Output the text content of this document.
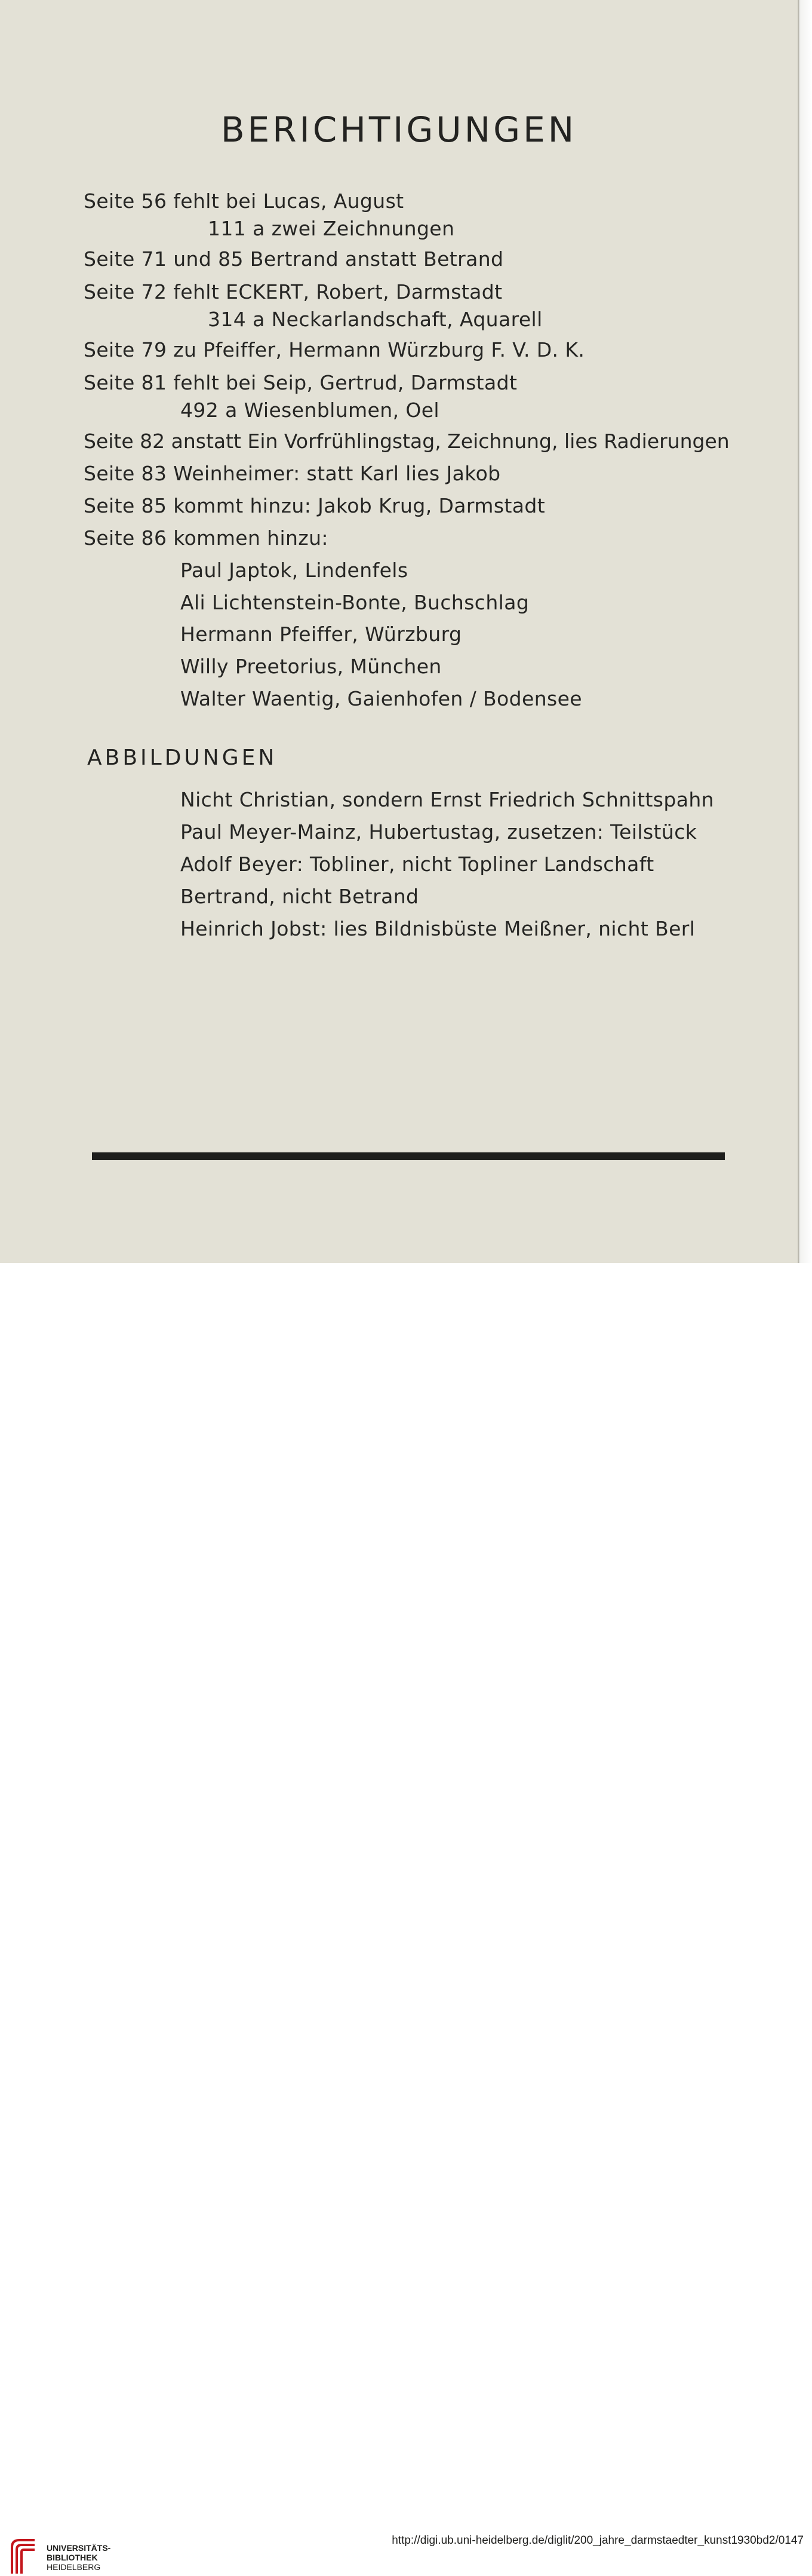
BERICHTIGUNGEN
Seite 56 fehlt bei Lucas, August
111 a zwei Zeichnungen
Seite 71 und 85 Bertrand anstatt Betrand
Seite 72 fehlt ECKERT, Robert, Darmstadt
314 a Neckarlandschaft, Aquarell
Seite 79 zu Pfeiffer, Hermann Würzburg F. V. D. K.
Seite 81 fehlt bei Seip, Gertrud, Darmstadt
492 a Wiesenblumen, Oel
Seite 82 anstatt Ein Vorfrühlingstag, Zeichnung, lies Radierungen
Seite 83 Weinheimer: statt Karl lies Jakob
Seite 85 kommt hinzu: Jakob Krug, Darmstadt
Seite 86 kommen hinzu:
Paul Japtok, Lindenfels
Ali Lichtenstein-Bonte, Buchschlag
Hermann Pfeiffer, Würzburg
Willy Preetorius, München
Walter Waentig, Gaienhofen / Bodensee
ABBILDUNGEN
Nicht Christian, sondern Ernst Friedrich Schnittspahn
Paul Meyer-Mainz, Hubertustag, zusetzen: Teilstück
Adolf Beyer: Tobliner, nicht Topliner Landschaft
Bertrand, nicht Betrand
Heinrich Jobst: lies Bildnisbüste Meißner, nicht Berl
UNIVERSITÄTS-
BIBLIOTHEK
HEIDELBERG
http://digi.ub.uni-heidelberg.de/diglit/200_jahre_darmstaedter_kunst1930bd2/0147
